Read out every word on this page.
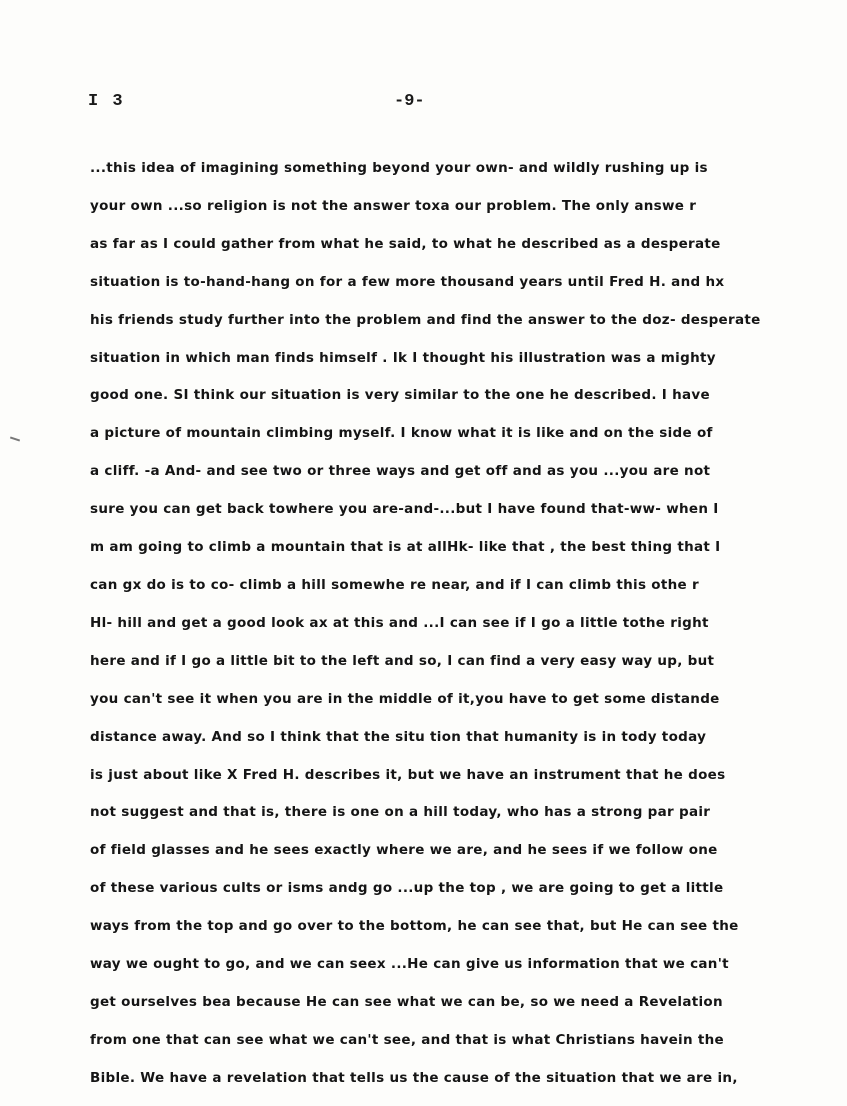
I 3	-9-
...this idea of imagining something beyond your own- and wildly rushing up is
your own ...so religion is not the answer toxa our problem. The only answe r
as far as I could gather from what he said, to what he described as a desperate
situation is to-hand-hang on for a few more thousand years until Fred H. and hx
his friends study further into the problem and find the answer to the doz- desperate
situation in which man finds himself . Ik I thought his illustration was a mighty
good one. SI think our situation is very similar to the one he described. I have
a picture of mountain climbing myself. I know what it is like and on the side of
a cliff. -a And- and see two or three ways and get off and as you ...you are not
sure you can get back towhere you are-and-...but I have found that-ww- when I
m am going to climb a mountain that is at allHk- like that , the best thing that I
can gx do is to co- climb a hill somewhe re near, and if I can climb this othe r
Hl- hill and get a good look ax at this and ...I can see if I go a little tothe right
here and if I go a little bit to the left and so, I can find a very easy way up, but
you can't see it when you are in the middle of it,you have to get some distande
distance away. And so I think that the situ tion that humanity is in tody today
is just about like X Fred H. describes it, but we have an instrument that he does
not suggest and that is, there is one on a hill today, who has a strong par pair
of field glasses and he sees exactly where we are, and he sees if we follow one
of these various cults or isms andg go ...up the top , we are going to get a little
ways from the top and go over to the bottom, he can see that, but He can see the
way we ought to go, and we can seex ...He can give us information that we can't
get ourselves bea because He can see what we can be, so we need a Revelation
from one that can see what we can't see, and that is what Christians havein the
Bible. We have a revelation that tells us the cause of the situation that we are in,
